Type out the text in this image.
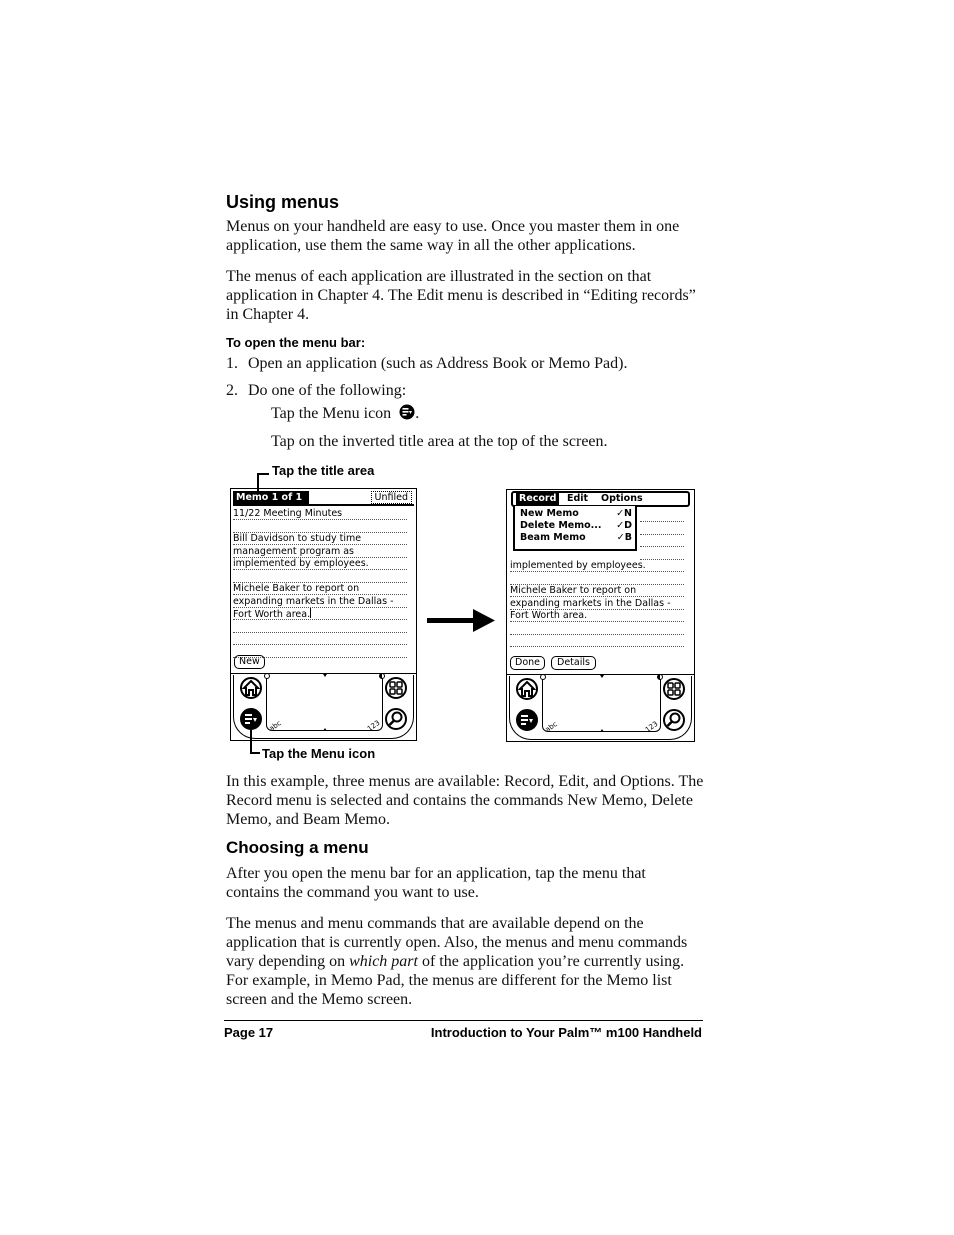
Using menus
Menus on your handheld are easy to use. Once you master them in one application, use them the same way in all the other applications.
The menus of each application are illustrated in the section on that application in Chapter 4. The Edit menu is described in “Editing records” in Chapter 4.
To open the menu bar:
1. Open an application (such as Address Book or Memo Pad).
2. Do one of the following:
Tap the Menu icon .
Tap on the inverted title area at the top of the screen.
Tap the title area
Memo 1 of 1	Unfiled
11/22 Meeting Minutes
Bill Davidson to study time
management program as
implemented by employees.
Michele Baker to report on
expanding markets in the Dallas -
Fort Worth area.
New
abc	123
Tap the Menu icon
implemented by employees.
Michele Baker to report on
expanding markets in the Dallas -
Fort Worth area.
Record	Edit Options
New Memo	✓N
Delete Memo... ✓D
Beam Memo	✓B
Done	Details
abc	123
In this example, three menus are available: Record, Edit, and Options. The Record menu is selected and contains the commands New Memo, Delete Memo, and Beam Memo.
Choosing a menu
After you open the menu bar for an application, tap the menu that contains the command you want to use.
The menus and menu commands that are available depend on the application that is currently open. Also, the menus and menu commands vary depending on which part of the application you’re currently using. For example, in Memo Pad, the menus are different for the Memo list screen and the Memo screen.
Page 17	Introduction to Your Palm™ m100 Handheld
